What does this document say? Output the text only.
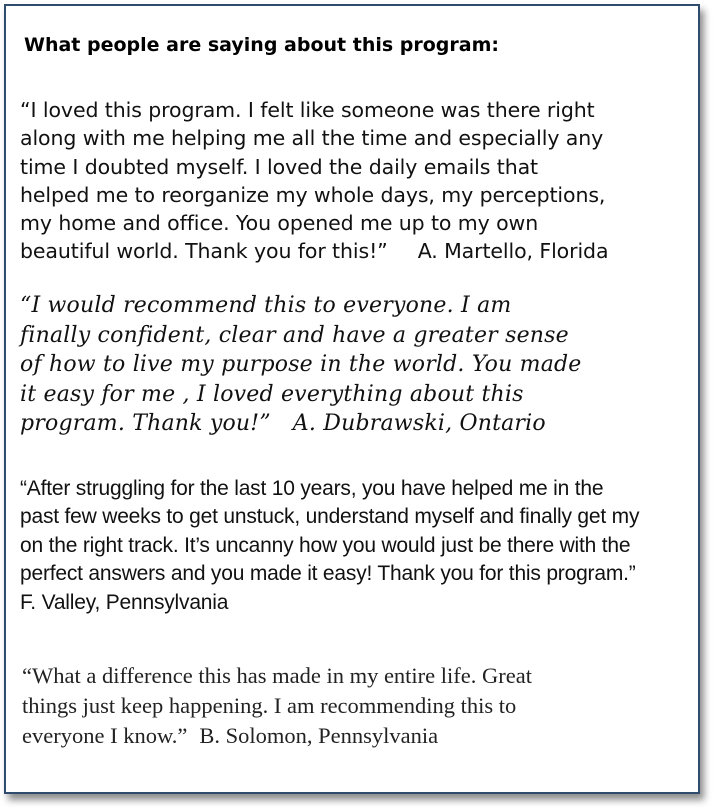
What people are saying about this program:

“I loved this program. I felt like someone was there right
along with me helping me all the time and especially any
time I doubted myself. I loved the daily emails that
helped me to reorganize my whole days, my perceptions,
my home and office. You opened me up to my own
beautiful world. Thank you for this!” A. Martello, Florida

“I would recommend this to everyone. I am
finally confident, clear and have a greater sense
of how to live my purpose in the world. You made
it easy for me , I loved everything about this
program. Thank you!” A. Dubrawski, Ontario

“After struggling for the last 10 years, you have helped me in the
past few weeks to get unstuck, understand myself and finally get my
on the right track. It’s uncanny how you would just be there with the
perfect answers and you made it easy! Thank you for this program.”
F. Valley, Pennsylvania

“What a difference this has made in my entire life. Great
things just keep happening. I am recommending this to
everyone I know.” B. Solomon, Pennsylvania
